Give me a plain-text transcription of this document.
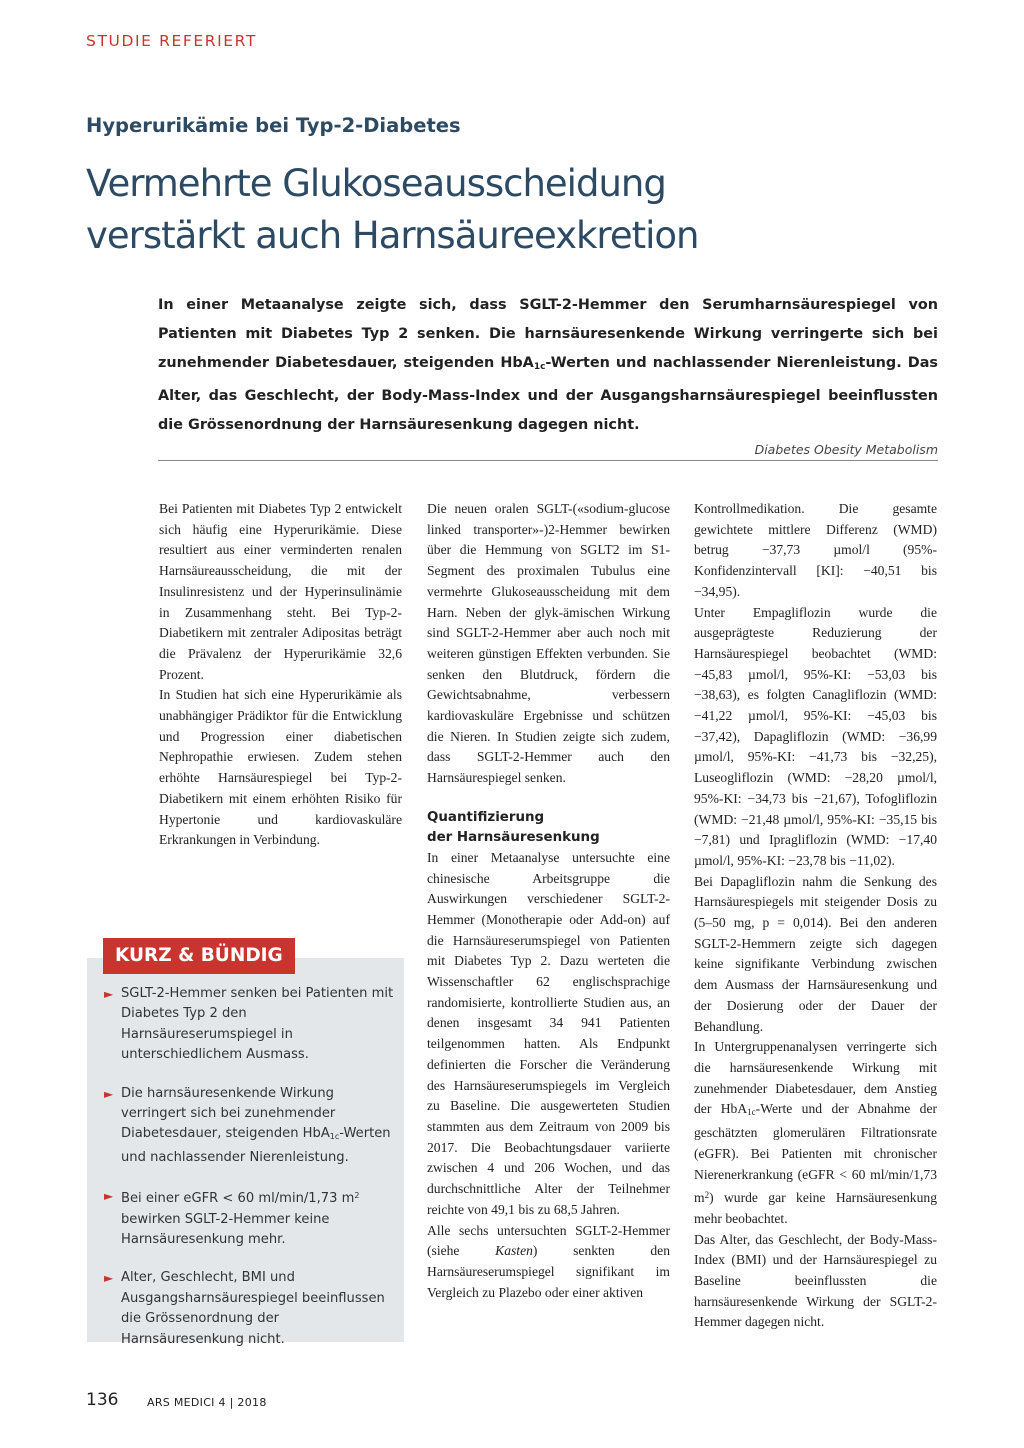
STUDIE REFERIERT
Hyperurikämie bei Typ-2-Diabetes
Vermehrte Glukoseausscheidung
verstärkt auch Harnsäureexkretion
In einer Metaanalyse zeigte sich, dass SGLT-2-Hemmer den Serumharnsäurespiegel von Patienten mit Diabetes Typ 2 senken. Die harnsäuresenkende Wirkung verringerte sich bei zunehmender Diabetesdauer, steigenden HbA$_{1c}$-Werten und nachlassender Nierenleistung. Das Alter, das Geschlecht, der Body-Mass-Index und der Ausgangsharnsäurespiegel beeinflussten die Grössenordnung der Harnsäuresenkung dagegen nicht.
Diabetes Obesity Metabolism

Bei Patienten mit Diabetes Typ 2 entwickelt sich häufig eine Hyperurikämie. Diese resultiert aus einer verminderten renalen Harnsäureausscheidung, die mit der Insulinresistenz und der Hyperinsulinämie in Zusammenhang steht. Bei Typ-2-Diabetikern mit zentraler Adipositas beträgt die Prävalenz der Hyperurikämie 32,6 Prozent.

In Studien hat sich eine Hyperurikämie als unabhängiger Prädiktor für die Entwicklung und Progression einer diabetischen Nephropathie erwiesen. Zudem stehen erhöhte Harnsäurespiegel bei Typ-2-Diabetikern mit einem erhöhten Risiko für Hypertonie und kardiovaskuläre Erkrankungen in Verbindung.

Die neuen oralen SGLT-(«sodium-glucose linked transporter»-)2-Hemmer bewirken über die Hemmung von SGLT2 im S1-Segment des proximalen Tubulus eine vermehrte Glukoseausscheidung mit dem Harn. Neben der glyk-ämischen Wirkung sind SGLT-2-Hemmer aber auch noch mit weiteren günstigen Effekten verbunden. Sie senken den Blutdruck, fördern die Gewichtsabnahme, verbessern kardiovaskuläre Ergebnisse und schützen die Nieren. In Studien zeigte sich zudem, dass SGLT-2-Hemmer auch den Harnsäurespiegel senken.

Quantifizierung
der Harnsäuresenkung

In einer Metaanalyse untersuchte eine chinesische Arbeitsgruppe die Auswirkungen verschiedener SGLT-2-Hemmer (Monotherapie oder Add-on) auf die Harnsäureserumspiegel von Patienten mit Diabetes Typ 2. Dazu werteten die Wissenschaftler 62 englischsprachige randomisierte, kontrollierte Studien aus, an denen insgesamt 34 941 Patienten teilgenommen hatten. Als Endpunkt definierten die Forscher die Veränderung des Harnsäureserumspiegels im Vergleich zu Baseline. Die ausgewerteten Studien stammten aus dem Zeitraum von 2009 bis 2017. Die Beobachtungsdauer variierte zwischen 4 und 206 Wochen, und das durchschnittliche Alter der Teilnehmer reichte von 49,1 bis zu 68,5 Jahren.

Alle sechs untersuchten SGLT-2-Hemmer (siehe Kasten) senkten den Harnsäureserumspiegel signifikant im Vergleich zu Plazebo oder einer aktiven

Kontrollmedikation. Die gesamte gewichtete mittlere Differenz (WMD) betrug −37,73 µmol/l (95%-Konfidenzintervall [KI]: −40,51 bis −34,95).

Unter Empagliflozin wurde die ausgeprägteste Reduzierung der Harnsäurespiegel beobachtet (WMD: −45,83 µmol/l, 95%-KI: −53,03 bis −38,63), es folgten Canagliflozin (WMD: −41,22 µmol/l, 95%-KI: −45,03 bis −37,42), Dapagliflozin (WMD: −36,99 µmol/l, 95%-KI: −41,73 bis −32,25), Luseogliflozin (WMD: −28,20 µmol/l, 95%-KI: −34,73 bis −21,67), Tofogliflozin (WMD: −21,48 µmol/l, 95%-KI: −35,15 bis −7,81) und Ipragliflozin (WMD: −17,40 µmol/l, 95%-KI: −23,78 bis −11,02).

Bei Dapagliflozin nahm die Senkung des Harnsäurespiegels mit steigender Dosis zu (5–50 mg, p = 0,014). Bei den anderen SGLT-2-Hemmern zeigte sich dagegen keine signifikante Verbindung zwischen dem Ausmass der Harnsäuresenkung und der Dosierung oder der Dauer der Behandlung.

In Untergruppenanalysen verringerte sich die harnsäuresenkende Wirkung mit zunehmender Diabetesdauer, dem Anstieg der HbA$_{1c}$-Werte und der Abnahme der geschätzten glomerulären Filtrationsrate (eGFR). Bei Patienten mit chronischer Nierenerkrankung (eGFR < 60 ml/min/1,73 $m^2$) wurde gar keine Harnsäuresenkung mehr beobachtet.

Das Alter, das Geschlecht, der Body-Mass-Index (BMI) und der Harnsäurespiegel zu Baseline beeinflussten die harnsäuresenkende Wirkung der SGLT-2-Hemmer dagegen nicht.

KURZ & BÜNDIG
► SGLT-2-Hemmer senken bei Patienten mit Diabetes Typ 2 den Harnsäureserumspiegel in unterschiedlichem Ausmass.
► Die harnsäuresenkende Wirkung verringert sich bei zunehmender Diabetesdauer, steigenden HbA$_{1c}$-Werten und nachlassender Nierenleistung.
► Bei einer eGFR < 60 ml/min/1,73 $m^2$ bewirken SGLT-2-Hemmer keine Harnsäuresenkung mehr.
► Alter, Geschlecht, BMI und Ausgangsharnsäurespiegel beeinflussen die Grössenordnung der Harnsäuresenkung nicht.
136	ARS MEDICI 4 | 2018
